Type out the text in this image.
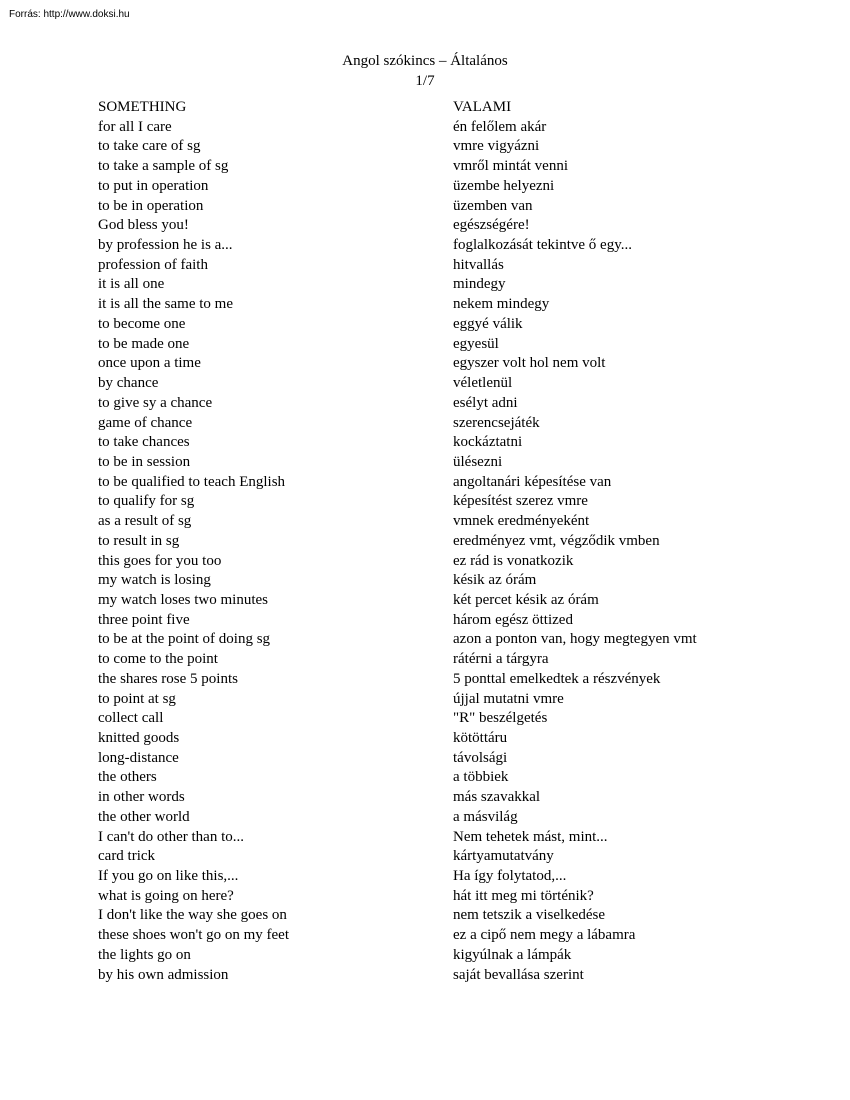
Forrás: http://www.doksi.hu
Angol szókincs – Általános
1/7
SOMETHING	VALAMI
for all I care	én felőlem akár
to take care of sg	vmre vigyázni
to take a sample of sg	vmről mintát venni
to put in operation	üzembe helyezni
to be in operation	üzemben van
God bless you!	egészségére!
by profession he is a...	foglalkozását tekintve ő egy...
profession of faith	hitvallás
it is all one	mindegy
it is all the same to me	nekem mindegy
to become one	eggyé válik
to be made one	egyesül
once upon a time	egyszer volt hol nem volt
by chance	véletlenül
to give sy a chance	esélyt adni
game of chance	szerencsejáték
to take chances	kockáztatni
to be in session	ülésezni
to be qualified to teach English	angoltanári képesítése van
to qualify for sg	képesítést szerez vmre
as a result of sg	vmnek eredményeként
to result in sg	eredményez vmt, végződik vmben
this goes for you too	ez rád is vonatkozik
my watch is losing	késik az órám
my watch loses two minutes	két percet késik az órám
three point five	három egész öttized
to be at the point of doing sg	azon a ponton van, hogy megtegyen vmt
to come to the point	rátérni a tárgyra
the shares rose 5 points	5 ponttal emelkedtek a részvények
to point at sg	újjal mutatni vmre
collect call	"R" beszélgetés
knitted goods	kötöttáru
long-distance	távolsági
the others	a többiek
in other words	más szavakkal
the other world	a másvilág
I can't do other than to...	Nem tehetek mást, mint...
card trick	kártyamutatvány
If you go on like this,...	Ha így folytatod,...
what is going on here?	hát itt meg mi történik?
I don't like the way she goes on	nem tetszik a viselkedése
these shoes won't go on my feet	ez a cipő nem megy a lábamra
the lights go on	kigyúlnak a lámpák
by his own admission	saját bevallása szerint
